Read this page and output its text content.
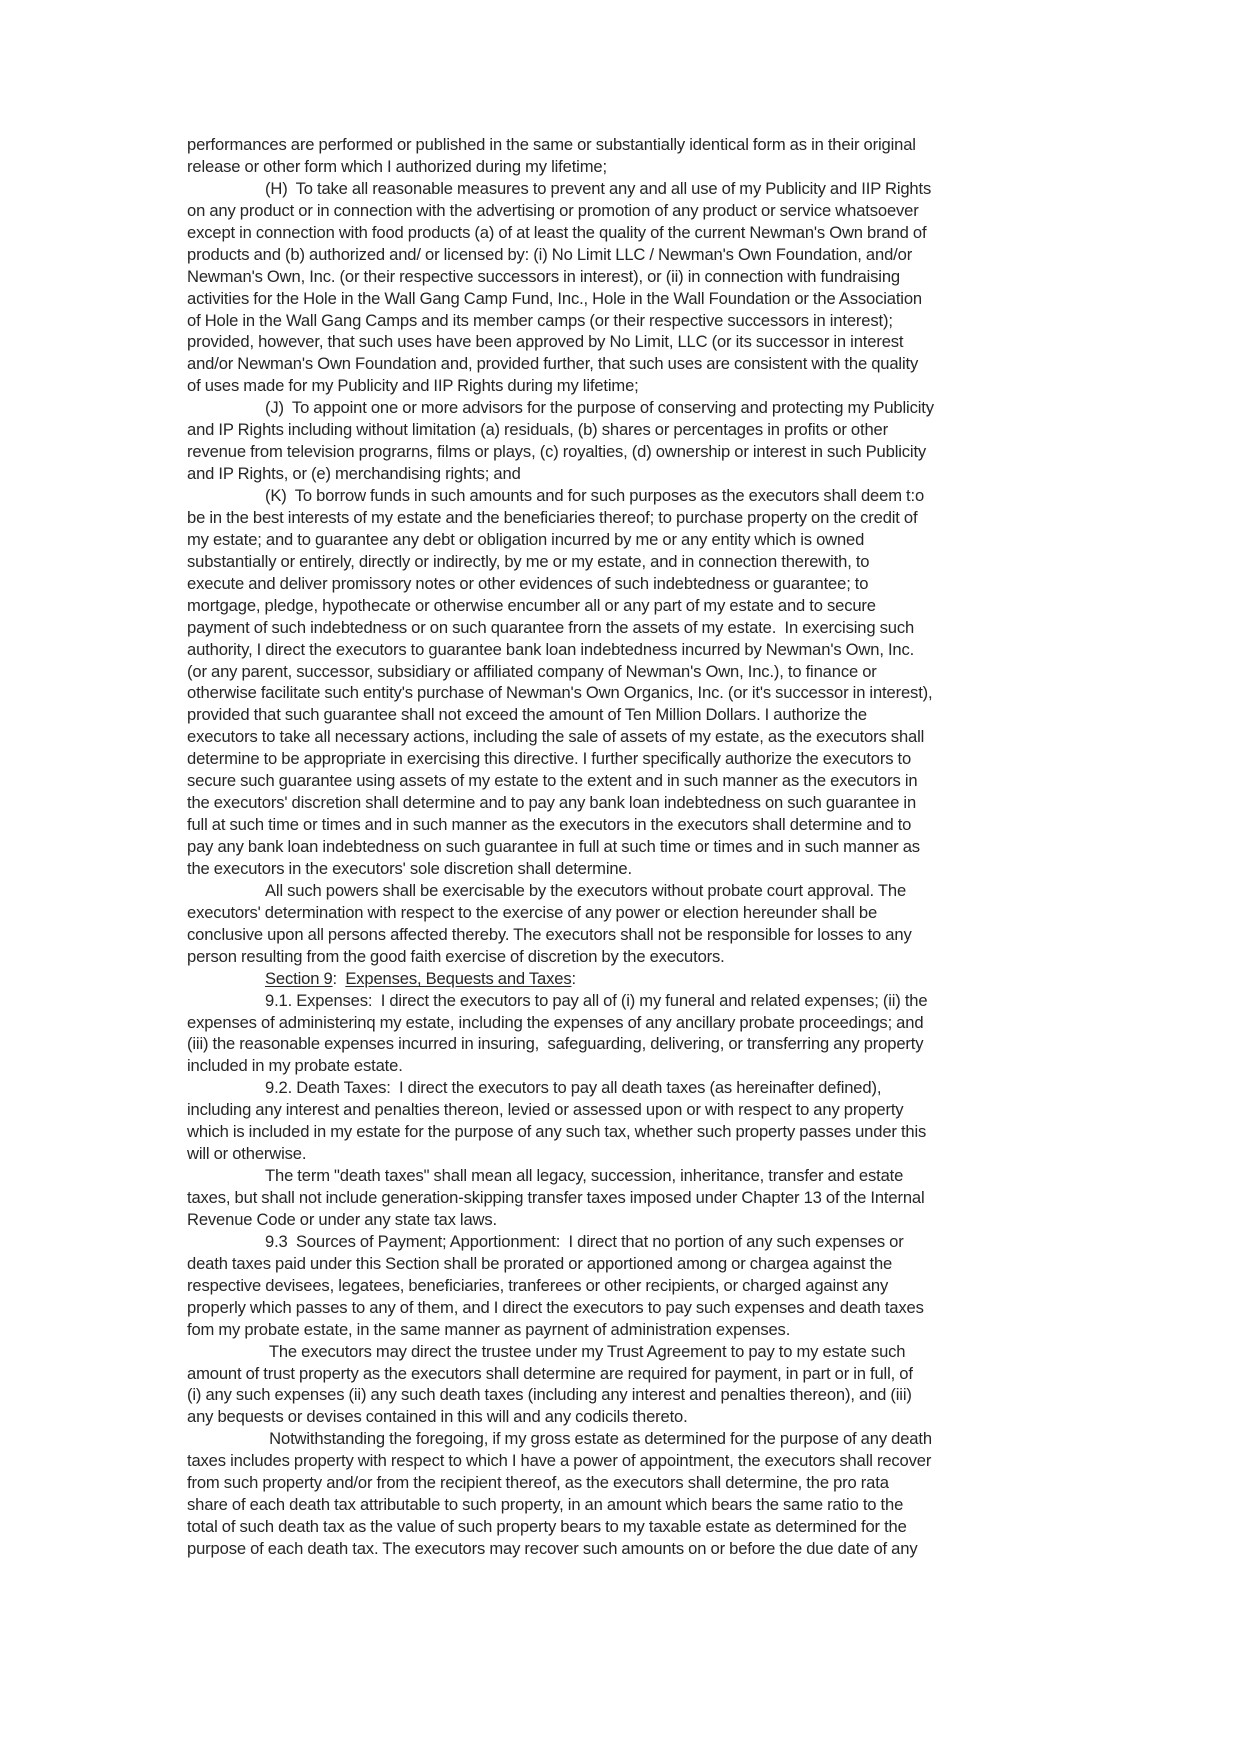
performances are performed or published in the same or substantially identical form as in their original
release or other form which I authorized during my lifetime;
(H)  To take all reasonable measures to prevent any and all use of my Publicity and IIP Rights
on any product or in connection with the advertising or promotion of any product or service whatsoever
except in connection with food products (a) of at least the quality of the current Newman's Own brand of
products and (b) authorized and/ or licensed by: (i) No Limit LLC / Newman's Own Foundation, and/or
Newman's Own, Inc. (or their respective successors in interest), or (ii) in connection with fundraising
activities for the Hole in the Wall Gang Camp Fund, Inc., Hole in the Wall Foundation or the Association
of Hole in the Wall Gang Camps and its member camps (or their respective successors in interest);
provided, however, that such uses have been approved by No Limit, LLC (or its successor in interest
and/or Newman's Own Foundation and, provided further, that such uses are consistent with the quality
of uses made for my Publicity and IIP Rights during my lifetime;
(J)  To appoint one or more advisors for the purpose of conserving and protecting my Publicity
and IP Rights including without limitation (a) residuals, (b) shares or percentages in profits or other
revenue from television prograrns, films or plays, (c) royalties, (d) ownership or interest in such Publicity
and IP Rights, or (e) merchandising rights; and
(K)  To borrow funds in such amounts and for such purposes as the executors shall deem t:o
be in the best interests of my estate and the beneficiaries thereof; to purchase property on the credit of
my estate; and to guarantee any debt or obligation incurred by me or any entity which is owned
substantially or entirely, directly or indirectly, by me or my estate, and in connection therewith, to
execute and deliver promissory notes or other evidences of such indebtedness or guarantee; to
mortgage, pledge, hypothecate or otherwise encumber all or any part of my estate and to secure
payment of such indebtedness or on such quarantee frorn the assets of my estate.  In exercising such
authority, I direct the executors to guarantee bank loan indebtedness incurred by Newman's Own, Inc.
(or any parent, successor, subsidiary or affiliated company of Newman's Own, Inc.), to finance or
otherwise facilitate such entity's purchase of Newman's Own Organics, Inc. (or it's successor in interest),
provided that such guarantee shall not exceed the amount of Ten Million Dollars. I authorize the
executors to take all necessary actions, including the sale of assets of my estate, as the executors shall
determine to be appropriate in exercising this directive. I further specifically authorize the executors to
secure such guarantee using assets of my estate to the extent and in such manner as the executors in
the executors' discretion shall determine and to pay any bank loan indebtedness on such guarantee in
full at such time or times and in such manner as the executors in the executors shall determine and to
pay any bank loan indebtedness on such guarantee in full at such time or times and in such manner as
the executors in the executors' sole discretion shall determine.
All such powers shall be exercisable by the executors without probate court approval. The
executors' determination with respect to the exercise of any power or election hereunder shall be
conclusive upon all persons affected thereby. The executors shall not be responsible for losses to any
person resulting from the good faith exercise of discretion by the executors.
Section 9:  Expenses, Bequests and Taxes:
9.1. Expenses:  I direct the executors to pay all of (i) my funeral and related expenses; (ii) the
expenses of administerinq my estate, including the expenses of any ancillary probate proceedings; and
(iii) the reasonable expenses incurred in insuring,  safeguarding, delivering, or transferring any property
included in my probate estate.
9.2. Death Taxes:  I direct the executors to pay all death taxes (as hereinafter defined),
including any interest and penalties thereon, levied or assessed upon or with respect to any property
which is included in my estate for the purpose of any such tax, whether such property passes under this
will or otherwise.
The term "death taxes" shall mean all legacy, succession, inheritance, transfer and estate
taxes, but shall not include generation-skipping transfer taxes imposed under Chapter 13 of the Internal
Revenue Code or under any state tax laws.
9.3  Sources of Payment; Apportionment:  I direct that no portion of any such expenses or
death taxes paid under this Section shall be prorated or apportioned among or chargea against the
respective devisees, legatees, beneficiaries, tranferees or other recipients, or charged against any
properly which passes to any of them, and I direct the executors to pay such expenses and death taxes
fom my probate estate, in the same manner as payrnent of administration expenses.
The executors may direct the trustee under my Trust Agreement to pay to my estate such
amount of trust property as the executors shall determine are required for payment, in part or in full, of
(i) any such expenses (ii) any such death taxes (including any interest and penalties thereon), and (iii)
any bequests or devises contained in this will and any codicils thereto.
Notwithstanding the foregoing, if my gross estate as determined for the purpose of any death
taxes includes property with respect to which I have a power of appointment, the executors shall recover
from such property and/or from the recipient thereof, as the executors shall determine, the pro rata
share of each death tax attributable to such property, in an amount which bears the same ratio to the
total of such death tax as the value of such property bears to my taxable estate as determined for the
purpose of each death tax. The executors may recover such amounts on or before the due date of any
